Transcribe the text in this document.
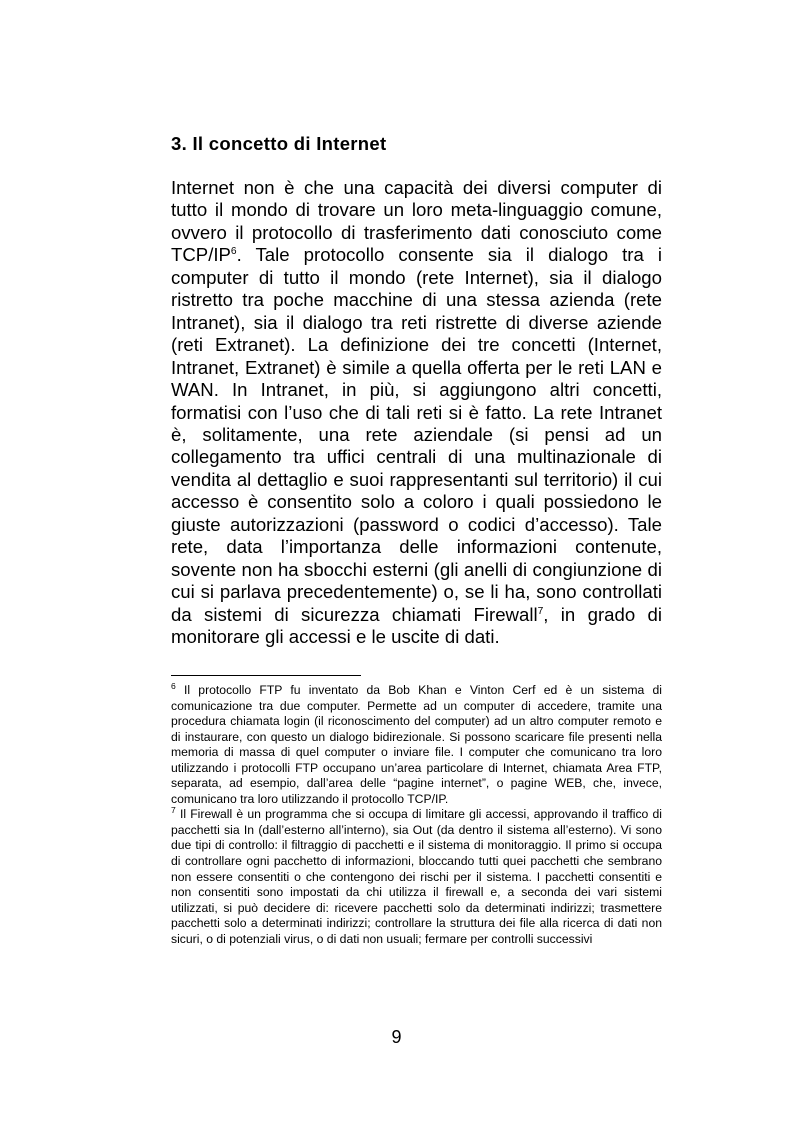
3. Il concetto di Internet

Internet non è che una capacità dei diversi computer di tutto il mondo di trovare un loro meta-linguaggio comune, ovvero il protocollo di trasferimento dati conosciuto come TCP/$IP^6$. Tale protocollo consente sia il dialogo tra i computer di tutto il mondo (rete Internet), sia il dialogo ristretto tra poche macchine di una stessa azienda (rete Intranet), sia il dialogo tra reti ristrette di diverse aziende (reti Extranet). La definizione dei tre concetti (Internet, Intranet, Extranet) è simile a quella offerta per le reti LAN e WAN. In Intranet, in più, si aggiungono altri concetti, formatisi con l’uso che di tali reti si è fatto. La rete Intranet è, solitamente, una rete aziendale (si pensi ad un collegamento tra uffici centrali di una multinazionale di vendita al dettaglio e suoi rappresentanti sul territorio) il cui accesso è consentito solo a coloro i quali possiedono le giuste autorizzazioni (password o codici d’accesso). Tale rete, data l’importanza delle informazioni contenute, sovente non ha sbocchi esterni (gli anelli di congiunzione di cui si parlava precedentemente) o, se li ha, sono controllati da sistemi di sicurezza chiamati Firewall$^7$, in grado di monitorare gli accessi e le uscite di dati.

$^6$ Il protocollo FTP fu inventato da Bob Khan e Vinton Cerf ed è un sistema di comunicazione tra due computer. Permette ad un computer di accedere, tramite una procedura chiamata login (il riconoscimento del computer) ad un altro computer remoto e di instaurare, con questo un dialogo bidirezionale. Si possono scaricare file presenti nella memoria di massa di quel computer o inviare file. I computer che comunicano tra loro utilizzando i protocolli FTP occupano un’area particolare di Internet, chiamata Area FTP, separata, ad esempio, dall’area delle “pagine internet”, o pagine WEB, che, invece, comunicano tra loro utilizzando il protocollo TCP/IP.

$^7$ Il Firewall è un programma che si occupa di limitare gli accessi, approvando il traffico di pacchetti sia In (dall’esterno all’interno), sia Out (da dentro il sistema all’esterno). Vi sono due tipi di controllo: il filtraggio di pacchetti e il sistema di monitoraggio. Il primo si occupa di controllare ogni pacchetto di informazioni, bloccando tutti quei pacchetti che sembrano non essere consentiti o che contengono dei rischi per il sistema. I pacchetti consentiti e non consentiti sono impostati da chi utilizza il firewall e, a seconda dei vari sistemi utilizzati, si può decidere di: ricevere pacchetti solo da determinati indirizzi; trasmettere pacchetti solo a determinati indirizzi; controllare la struttura dei file alla ricerca di dati non sicuri, o di potenziali virus, o di dati non usuali; fermare per controlli successivi

9
